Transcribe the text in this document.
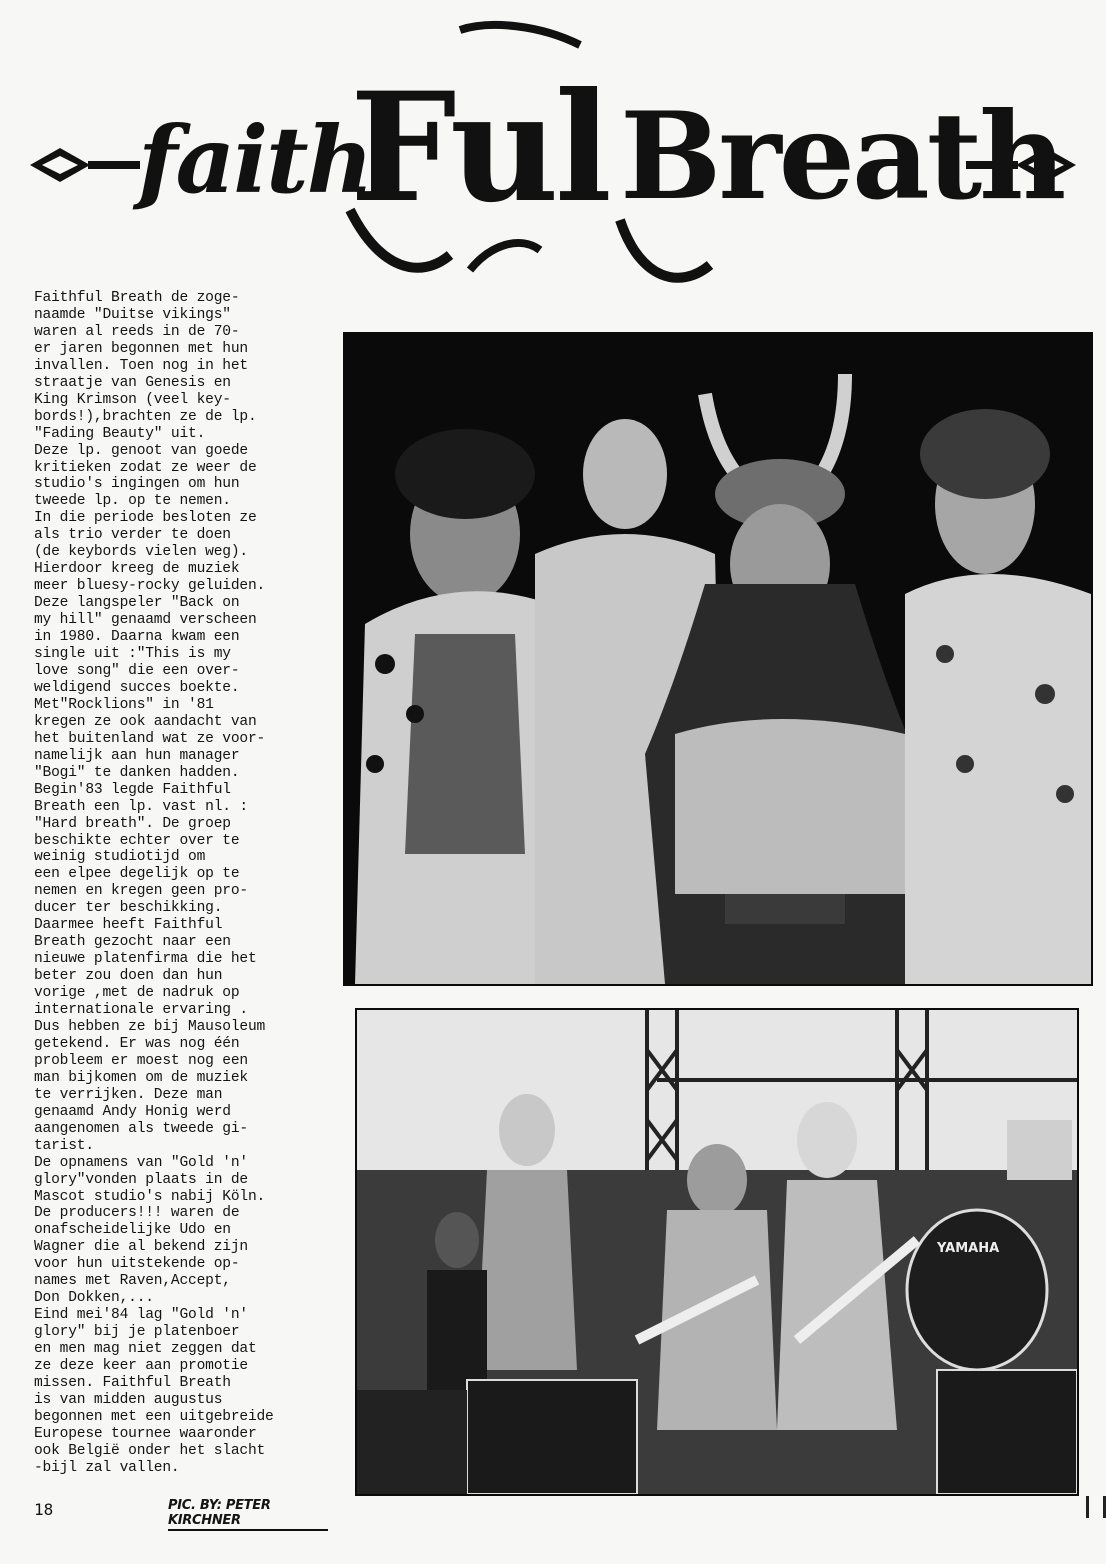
faith
Ful Breath

Faithful Breath de zoge-

naamde "Duitse vikings"

waren al reeds in de 70-

er jaren begonnen met hun

invallen. Toen nog in het

straatje van Genesis en

King Krimson (veel key-

bords!),brachten ze de lp.

"Fading Beauty" uit.

Deze lp. genoot van goede

kritieken zodat ze weer de

studio's ingingen om hun

tweede lp. op te nemen.

In die periode besloten ze

als trio verder te doen

(de keybords vielen weg).

Hierdoor kreeg de muziek

meer bluesy-rocky geluiden.

Deze langspeler "Back on

my hill" genaamd verscheen

in 1980. Daarna kwam een

single uit :"This is my

love song" die een over-

weldigend succes boekte.

Met"Rocklions" in '81

kregen ze ook aandacht van

het buitenland wat ze voor-

namelijk aan hun manager

"Bogi" te danken hadden.

Begin'83 legde Faithful

Breath een lp. vast nl. :

"Hard breath". De groep

beschikte echter over te

weinig studiotijd om

een elpee degelijk op te

nemen en kregen geen pro-

ducer ter beschikking.

Daarmee heeft Faithful

Breath gezocht naar een

nieuwe platenfirma die het

beter zou doen dan hun

vorige ,met de nadruk op

internationale ervaring .

Dus hebben ze bij Mausoleum

getekend. Er was nog één

probleem er moest nog een

man bijkomen om de muziek

te verrijken. Deze man

genaamd Andy Honig werd

aangenomen als tweede gi-

tarist.

De opnamens van "Gold 'n'

glory"vonden plaats in de

Mascot studio's nabij Köln.

De producers!!! waren de

onafscheidelijke Udo en

Wagner die al bekend zijn

voor hun uitstekende op-

names met Raven,Accept,

Don Dokken,...

Eind mei'84 lag "Gold 'n'

glory" bij je platenboer

en men mag niet zeggen dat

ze deze keer aan promotie

missen. Faithful Breath

is van midden augustus

begonnen met een uitgebreide

Europese tournee waaronder

ook België onder het slacht

-bijl zal vallen.

YAMAHA
18	PIC. BY: PETER KIRCHNER
